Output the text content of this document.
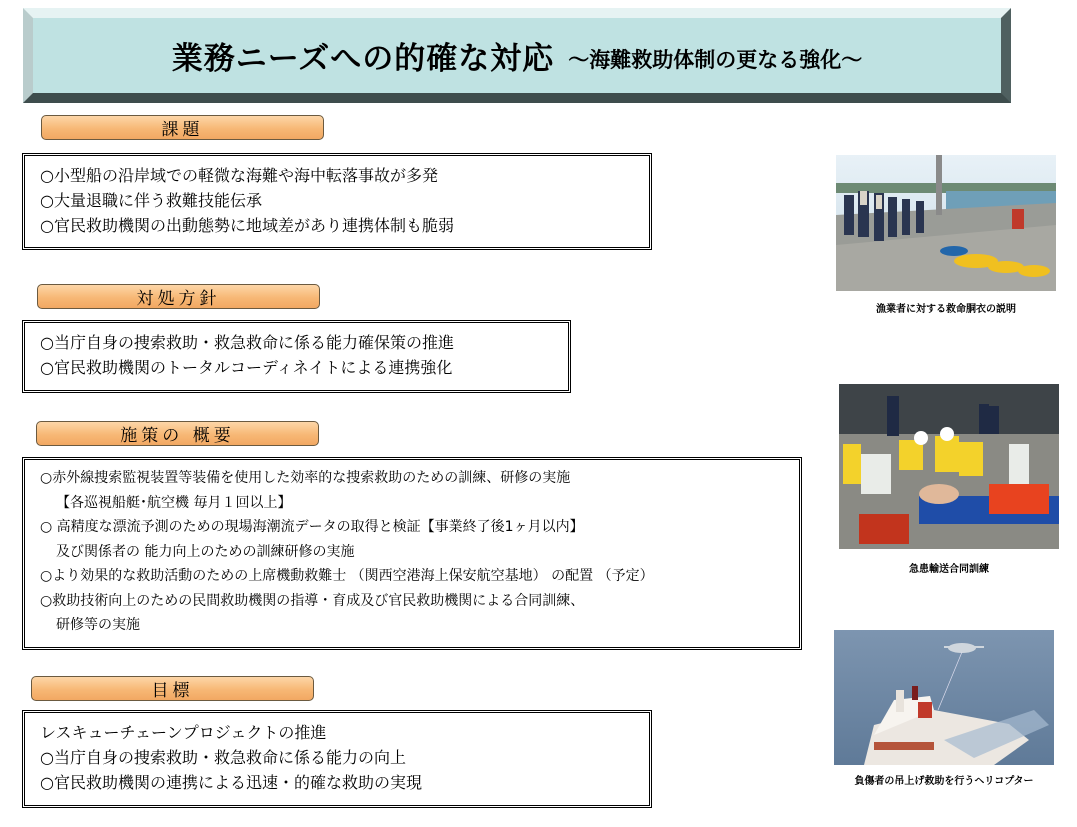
業務ニーズへの的確な対応 ～海難救助体制の更なる強化～
課題
○小型船の沿岸域での軽微な海難や海中転落事故が多発
○大量退職に伴う救難技能伝承
○官民救助機関の出動態勢に地域差があり連携体制も脆弱
対処方針
○当庁自身の捜索救助・救急救命に係る能力確保策の推進
○官民救助機関のトータルコーディネイトによる連携強化
施策の 概要
○赤外線捜索監視装置等装備を使用した効率的な捜索救助のための訓練、研修の実施
【各巡視船艇･航空機 毎月１回以上】
○ 高精度な漂流予測のための現場海潮流データの取得と検証【事業終了後1ヶ月以内】
及び関係者の 能力向上のための訓練研修の実施
○より効果的な救助活動のための上席機動救難士 （関西空港海上保安航空基地） の配置 （予定）
○救助技術向上のための民間救助機関の指導・育成及び官民救助機関による合同訓練、
研修等の実施
目標
レスキューチェーンプロジェクトの推進
○当庁自身の捜索救助・救急救命に係る能力の向上
○官民救助機関の連携による迅速・的確な救助の実現
漁業者に対する救命胴衣の説明
急患輸送合同訓練
負傷者の吊上げ救助を行うヘリコプター
